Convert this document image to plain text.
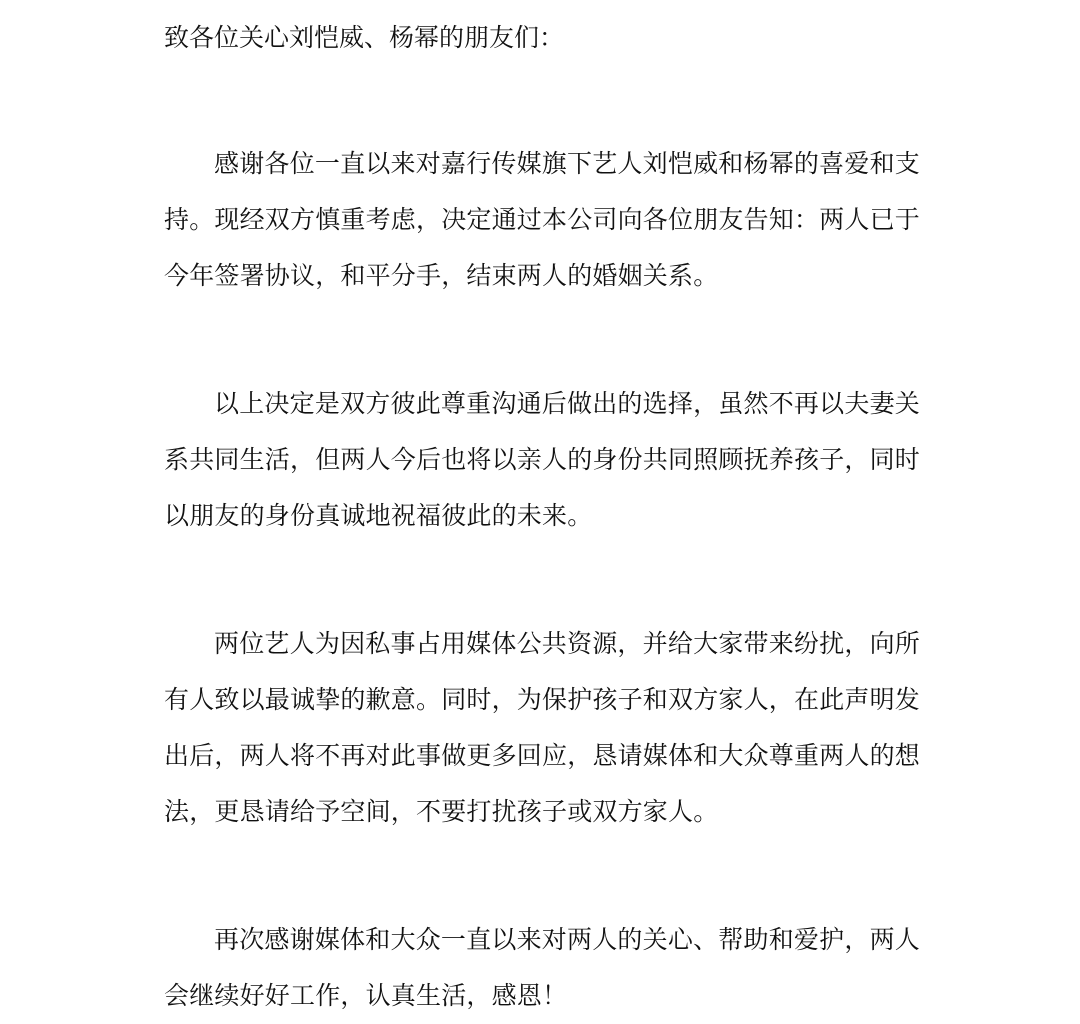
致各位关心刘恺威、杨幂的朋友们：

感谢各位一直以来对嘉行传媒旗下艺人刘恺威和杨幂的喜爱和支持。现经双方慎重考虑，决定通过本公司向各位朋友告知：两人已于今年签署协议，和平分手，结束两人的婚姻关系。

以上决定是双方彼此尊重沟通后做出的选择，虽然不再以夫妻关系共同生活，但两人今后也将以亲人的身份共同照顾抚养孩子，同时以朋友的身份真诚地祝福彼此的未来。

两位艺人为因私事占用媒体公共资源，并给大家带来纷扰，向所有人致以最诚挚的歉意。同时，为保护孩子和双方家人，在此声明发出后，两人将不再对此事做更多回应，恳请媒体和大众尊重两人的想法，更恳请给予空间，不要打扰孩子或双方家人。

再次感谢媒体和大众一直以来对两人的关心、帮助和爱护，两人会继续好好工作，认真生活，感恩！
